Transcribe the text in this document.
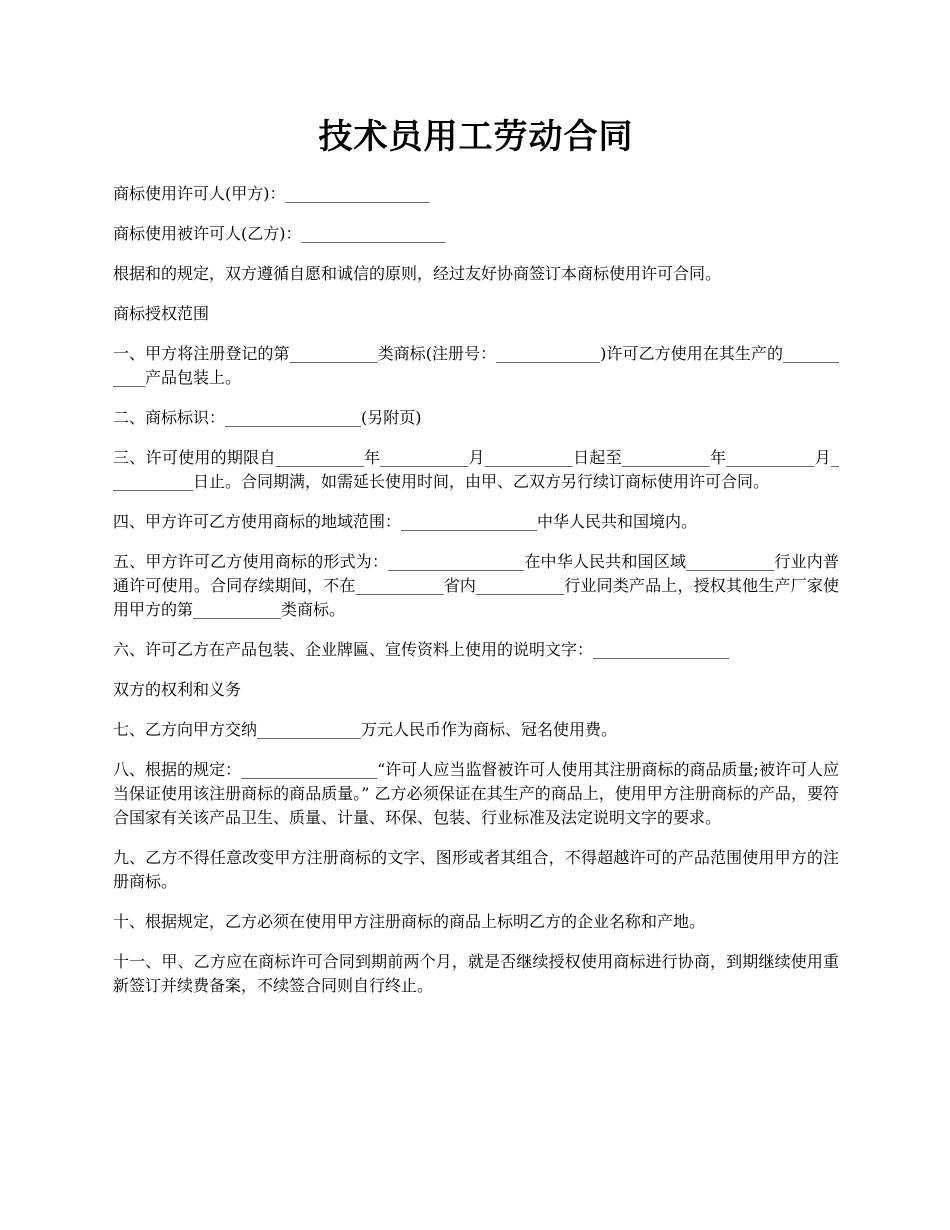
技术员用工劳动合同

商标使用许可人(甲方)：__________________

商标使用被许可人(乙方)：__________________

根据和的规定，双方遵循自愿和诚信的原则，经过友好协商签订本商标使用许可合同。

商标授权范围

一、甲方将注册登记的第___________类商标(注册号：_____________)许可乙方使用在其生产的___________产品包装上。

二、商标标识：_________________(另附页)

三、许可使用的期限自___________年___________月___________日起至___________年___________月___________日止。合同期满，如需延长使用时间，由甲、乙双方另行续订商标使用许可合同。

四、甲方许可乙方使用商标的地域范围：_________________中华人民共和国境内。

五、甲方许可乙方使用商标的形式为：_________________在中华人民共和国区域___________行业内普通许可使用。合同存续期间，不在___________省内___________行业同类产品上，授权其他生产厂家使用甲方的第___________类商标。

六、许可乙方在产品包装、企业牌匾、宣传资料上使用的说明文字：_________________

双方的权利和义务

七、乙方向甲方交纳_____________万元人民币作为商标、冠名使用费。

八、根据的规定：_________________“许可人应当监督被许可人使用其注册商标的商品质量;被许可人应当保证使用该注册商标的商品质量。” 乙方必须保证在其生产的商品上，使用甲方注册商标的产品，要符合国家有关该产品卫生、质量、计量、环保、包装、行业标准及法定说明文字的要求。

九、乙方不得任意改变甲方注册商标的文字、图形或者其组合，不得超越许可的产品范围使用甲方的注册商标。

十、根据规定，乙方必须在使用甲方注册商标的商品上标明乙方的企业名称和产地。

十一、甲、乙方应在商标许可合同到期前两个月，就是否继续授权使用商标进行协商，到期继续使用重新签订并续费备案，不续签合同则自行终止。
